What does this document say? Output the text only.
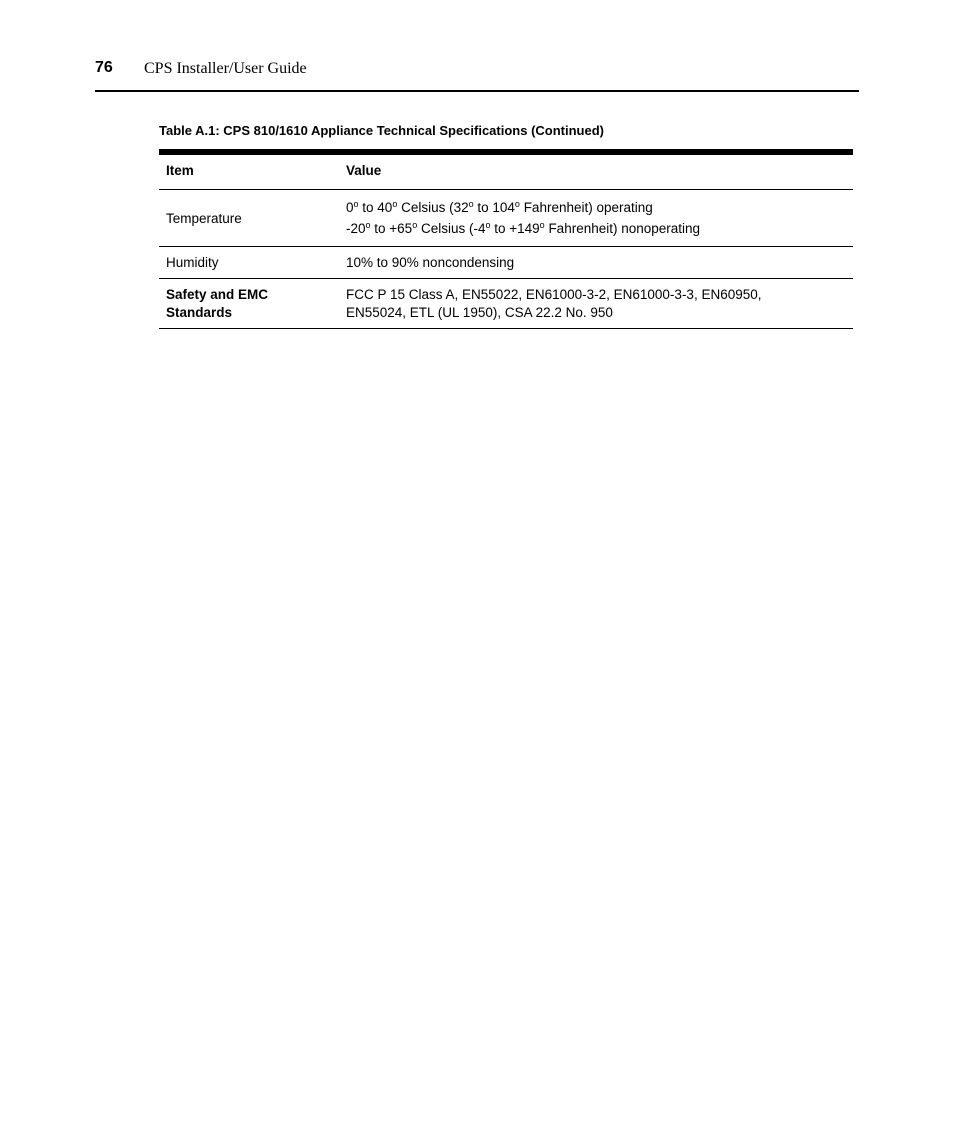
76 CPS Installer/User Guide
Table A.1: CPS 810/1610 Appliance Technical Specifications (Continued)
Item	Value
Temperature
0$^o$ to 40$^o$ Celsius (32$^o$ to 104$^o$ Fahrenheit) operating
-20$^o$ to $+65^o$ Celsius (-4$^o$ to $+149^o$ Fahrenheit) nonoperating
Humidity	10% to 90% noncondensing
Safety and EMC
Standards
FCC P 15 Class A, EN55022, EN61000-3-2, EN61000-3-3, EN60950,
EN55024, ETL (UL 1950), CSA 22.2 No. 950
